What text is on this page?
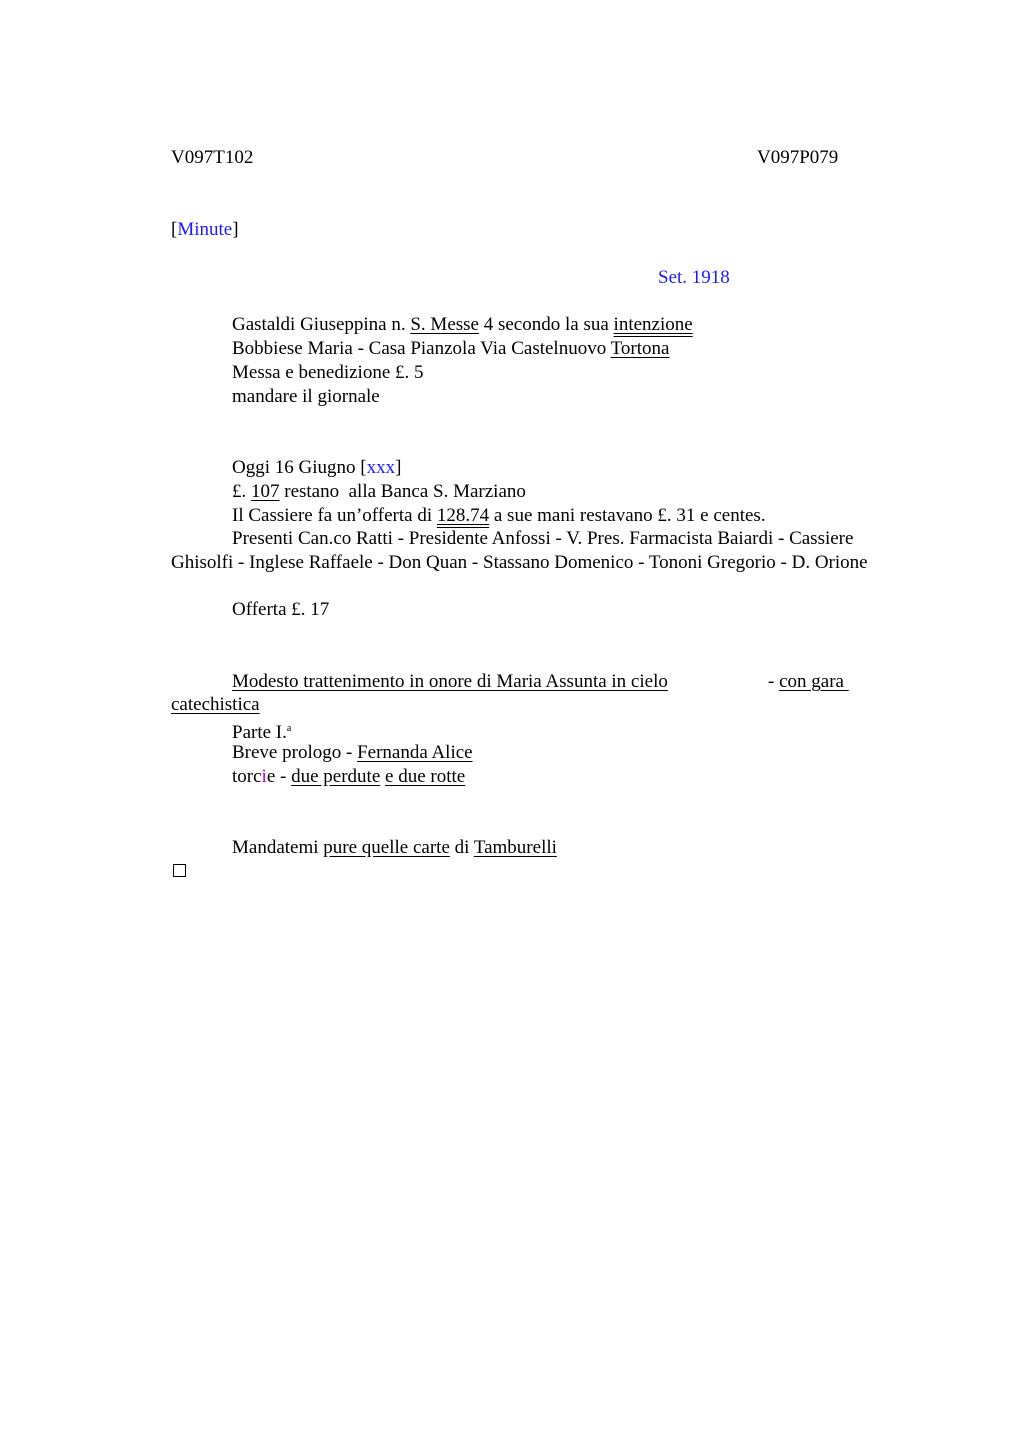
V097T102	V097P079
[Minute]
Set. 1918
Gastaldi Giuseppina n. S. Messe 4 secondo la sua intenzione
Bobbiese Maria - Casa Pianzola Via Castelnuovo Tortona
Messa e benedizione £. 5
mandare il giornale
Oggi 16 Giugno [xxx]
£. 107 restano  alla Banca S. Marziano
Il Cassiere fa un’offerta di 128.74 a sue mani restavano £. 31 e centes.
Presenti Can.co Ratti - Presidente Anfossi - V. Pres. Farmacista Baiardi - Cassiere Ghisolfi - Inglese Raffaele - Don Quan - Stassano Domenico - Tononi Gregorio - D. Orione
Offerta £. 17
Modesto trattenimento in onore di Maria Assunta in cielo	- con gara
catechistica
Parte I.$^a$
Breve prologo - Fernanda Alice
torcie - due perdute e due rotte
Mandatemi pure quelle carte di Tamburelli
